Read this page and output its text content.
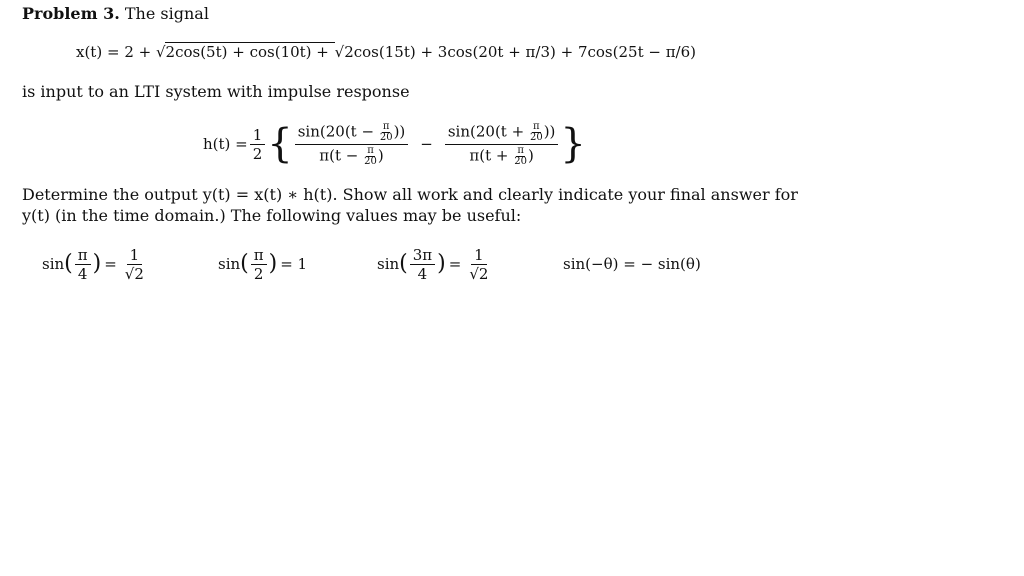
Problem 3. The signal
x(t) = 2 + √2cos(5t) + cos(10t) + √2cos(15t) + 3cos(20t + π/3) + 7cos(25t − π/6)
is input to an LTI system with impulse response
$h(t) = \frac{1}{2}$ { $\frac{\sin(20(t - \frac{\pi}{20} ))}{\pi(t - \frac{\pi}{20} )} - \frac{\sin(20(t + \frac{\pi}{20} ))}{\pi(t + \frac{\pi}{20} )}$ }
Determine the output y(t) = x(t) ∗ h(t). Show all work and clearly indicate your final answer for
y(t) (in the time domain.) The following values may be useful:
sin ( $\frac{\pi}{4}$ ) = $\frac{1}{√2}$	sin ( $\frac{\pi}{2}$ ) = 1	sin ( $\frac{3\pi}{4}$ ) = $\frac{1}{√2}$	sin(−θ) = − sin(θ)
